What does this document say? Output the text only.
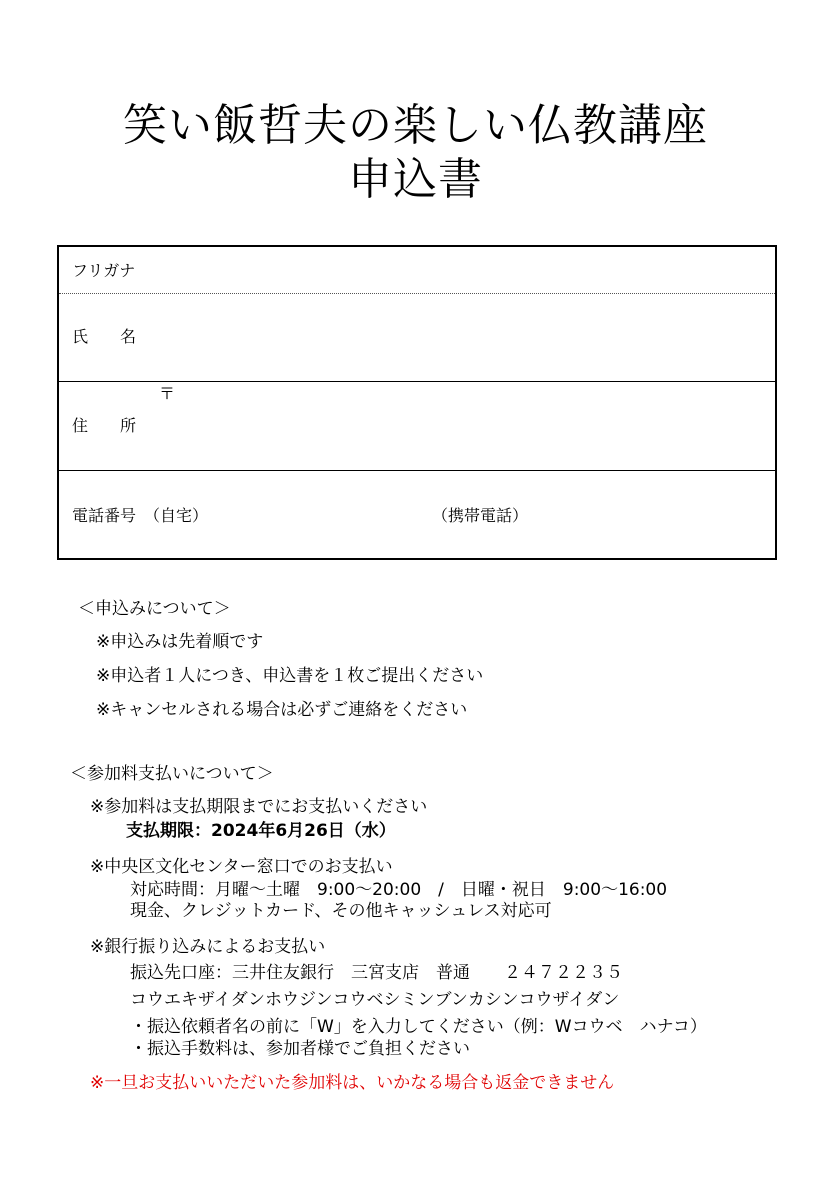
笑い飯哲夫の楽しい仏教講座
申込書
フリガナ
氏　　名
〒
住　　所
電話番号　（自宅）	（携帯電話）
＜申込みについて＞
※申込みは先着順です
※申込者１人につき、申込書を１枚ご提出ください
※キャンセルされる場合は必ずご連絡をください
＜参加料支払いについて＞
※参加料は支払期限までにお支払いください
支払期限：2024年6月26日（水）
※中央区文化センター窓口でのお支払い
対応時間：月曜～土曜　9:00～20:00　/　日曜・祝日　9:00～16:00
現金、クレジットカード、その他キャッシュレス対応可
※銀行振り込みによるお支払い
振込先口座：三井住友銀行　三宮支店　普通　　２４７２２３５
コウエキザイダンホウジンコウベシミンブンカシンコウザイダン
・振込依頼者名の前に「W」を入力してください（例：Wコウベ　ハナコ）
・振込手数料は、参加者様でご負担ください
※一旦お支払いいただいた参加料は、いかなる場合も返金できません
